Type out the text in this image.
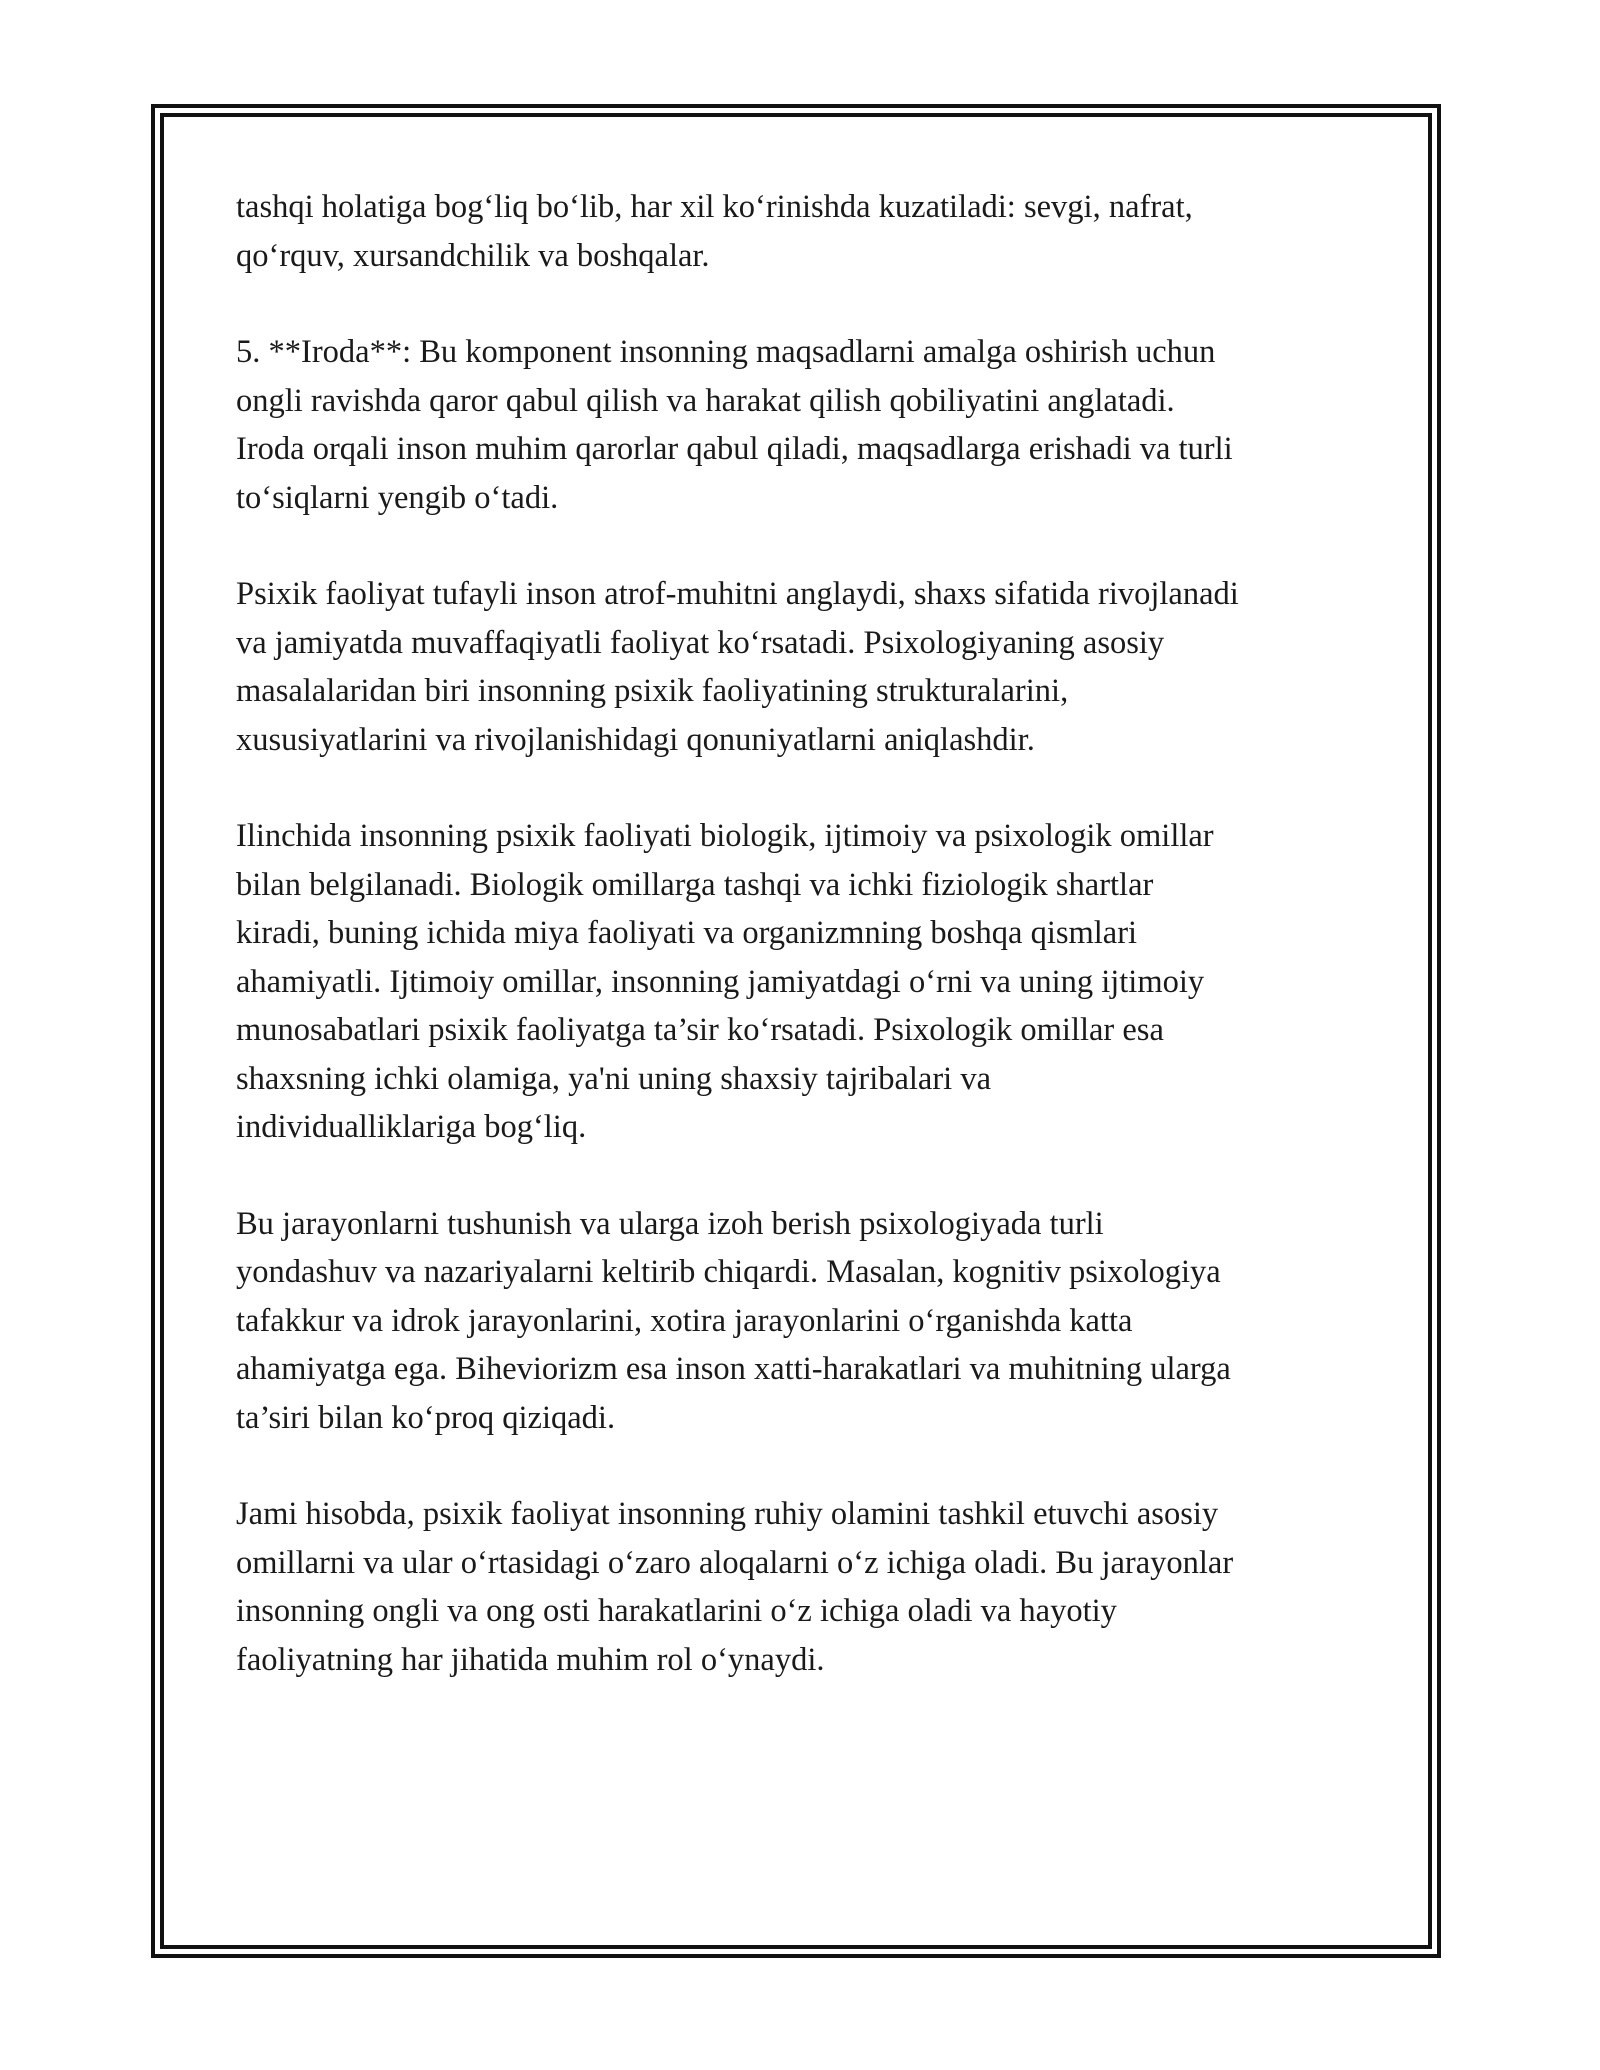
tashqi holatiga bog‘liq bo‘lib, har xil ko‘rinishda kuzatiladi: sevgi, nafrat,
qo‘rquv, xursandchilik va boshqalar.

5. **Iroda**: Bu komponent insonning maqsadlarni amalga oshirish uchun
ongli ravishda qaror qabul qilish va harakat qilish qobiliyatini anglatadi.
Iroda orqali inson muhim qarorlar qabul qiladi, maqsadlarga erishadi va turli
to‘siqlarni yengib o‘tadi.

Psixik faoliyat tufayli inson atrof-muhitni anglaydi, shaxs sifatida rivojlanadi
va jamiyatda muvaffaqiyatli faoliyat ko‘rsatadi. Psixologiyaning asosiy
masalalaridan biri insonning psixik faoliyatining strukturalarini,
xususiyatlarini va rivojlanishidagi qonuniyatlarni aniqlashdir.

Ilinchida insonning psixik faoliyati biologik, ijtimoiy va psixologik omillar
bilan belgilanadi. Biologik omillarga tashqi va ichki fiziologik shartlar
kiradi, buning ichida miya faoliyati va organizmning boshqa qismlari
ahamiyatli. Ijtimoiy omillar, insonning jamiyatdagi o‘rni va uning ijtimoiy
munosabatlari psixik faoliyatga ta’sir ko‘rsatadi. Psixologik omillar esa
shaxsning ichki olamiga, ya'ni uning shaxsiy tajribalari va
individualliklariga bog‘liq.

Bu jarayonlarni tushunish va ularga izoh berish psixologiyada turli
yondashuv va nazariyalarni keltirib chiqardi. Masalan, kognitiv psixologiya
tafakkur va idrok jarayonlarini, xotira jarayonlarini o‘rganishda katta
ahamiyatga ega. Biheviorizm esa inson xatti-harakatlari va muhitning ularga
ta’siri bilan ko‘proq qiziqadi.

Jami hisobda, psixik faoliyat insonning ruhiy olamini tashkil etuvchi asosiy
omillarni va ular o‘rtasidagi o‘zaro aloqalarni o‘z ichiga oladi. Bu jarayonlar
insonning ongli va ong osti harakatlarini o‘z ichiga oladi va hayotiy
faoliyatning har jihatida muhim rol o‘ynaydi.
